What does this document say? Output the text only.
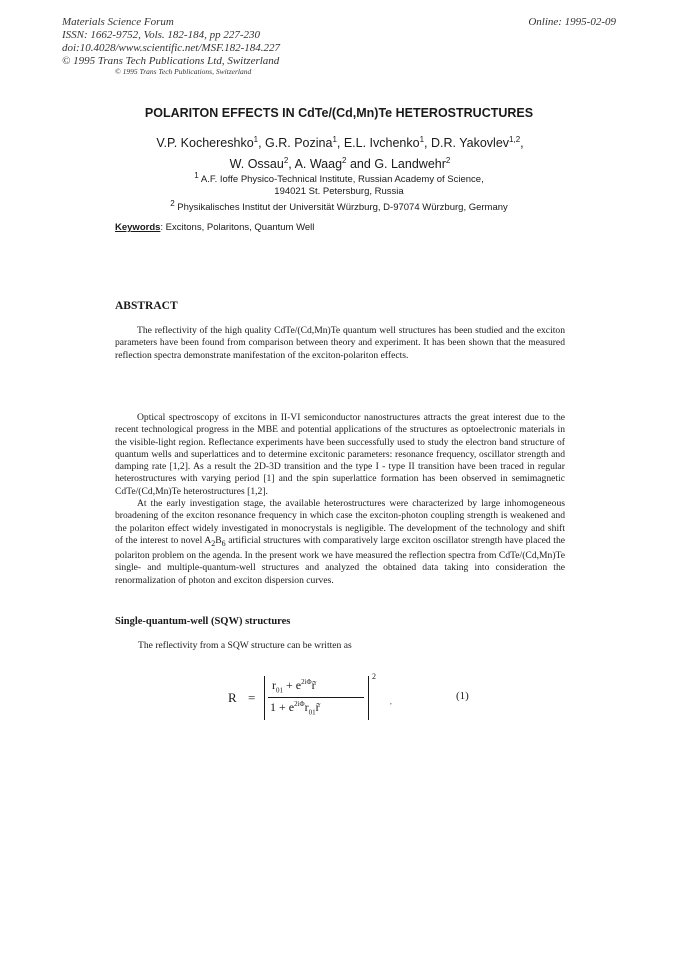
Materials Science Forum
ISSN: 1662-9752, Vols. 182-184, pp 227-230
doi:10.4028/www.scientific.net/MSF.182-184.227
© 1995 Trans Tech Publications Ltd, Switzerland
Online: 1995-02-09
© 1995 Trans Tech Publications, Switzerland
POLARITON EFFECTS IN CdTe/(Cd,Mn)Te HETEROSTRUCTURES
V.P. Kochereshko$^1$, G.R. Pozina$^1$, E.L. Ivchenko$^1$, D.R. Yakovlev$^{1,2}$,
W. Ossau$^2$, A. Waag$^2$ and G. Landwehr$^2$
$^1$ A.F. Ioffe Physico-Technical Institute, Russian Academy of Science,
194021 St. Petersburg, Russia
$^2$ Physikalisches Institut der Universität Würzburg, D-97074 Würzburg, Germany
Keywords: Excitons, Polaritons, Quantum Well
ABSTRACT

The reflectivity of the high quality CdTe/(Cd,Mn)Te quantum well structures has been studied and the exciton parameters have been found from comparison between theory and experiment. It has been shown that the measured reflection spectra demonstrate manifestation of the exciton-polariton effects.

Optical spectroscopy of excitons in II-VI semiconductor nanostructures attracts the great interest due to the recent technological progress in the MBE and potential applications of the structures as optoelectronic materials in the visible-light region. Reflectance experiments have been successfully used to study the electron band structure of quantum wells and superlattices and to determine excitonic parameters: resonance frequency, oscillator strength and damping rate [1,2]. As a result the 2D-3D transition and the type I - type II transition have been traced in regular heterostructures with varying period [1] and the spin superlattice formation has been observed in semimagnetic CdTe/(Cd,Mn)Te heterostructures [1,2].

At the early investigation stage, the available heterostructures were characterized by large inhomogeneous broadening of the exciton resonance frequency in which case the exciton-photon coupling strength is weakened and the polariton effect widely investigated in monocrystals is negligible. The development of the technology and shift of the interest to novel $A_2B_6$ artificial structures with comparatively large exciton oscillator strength have placed the polariton problem on the agenda. In the present work we have measured the reflection spectra from CdTe/(Cd,Mn)Te single- and multiple-quantum-well structures and analyzed the obtained data taking into consideration the renormalization of photon and exciton dispersion curves.

Single-quantum-well (SQW) structures
The reflectivity from a SQW structure can be written as
R =
$r_{01}$ + $e^{2i\Phi}r̃$
$1 + e^{2i\Phi}r_{01}r̃$
2
,	(1)
